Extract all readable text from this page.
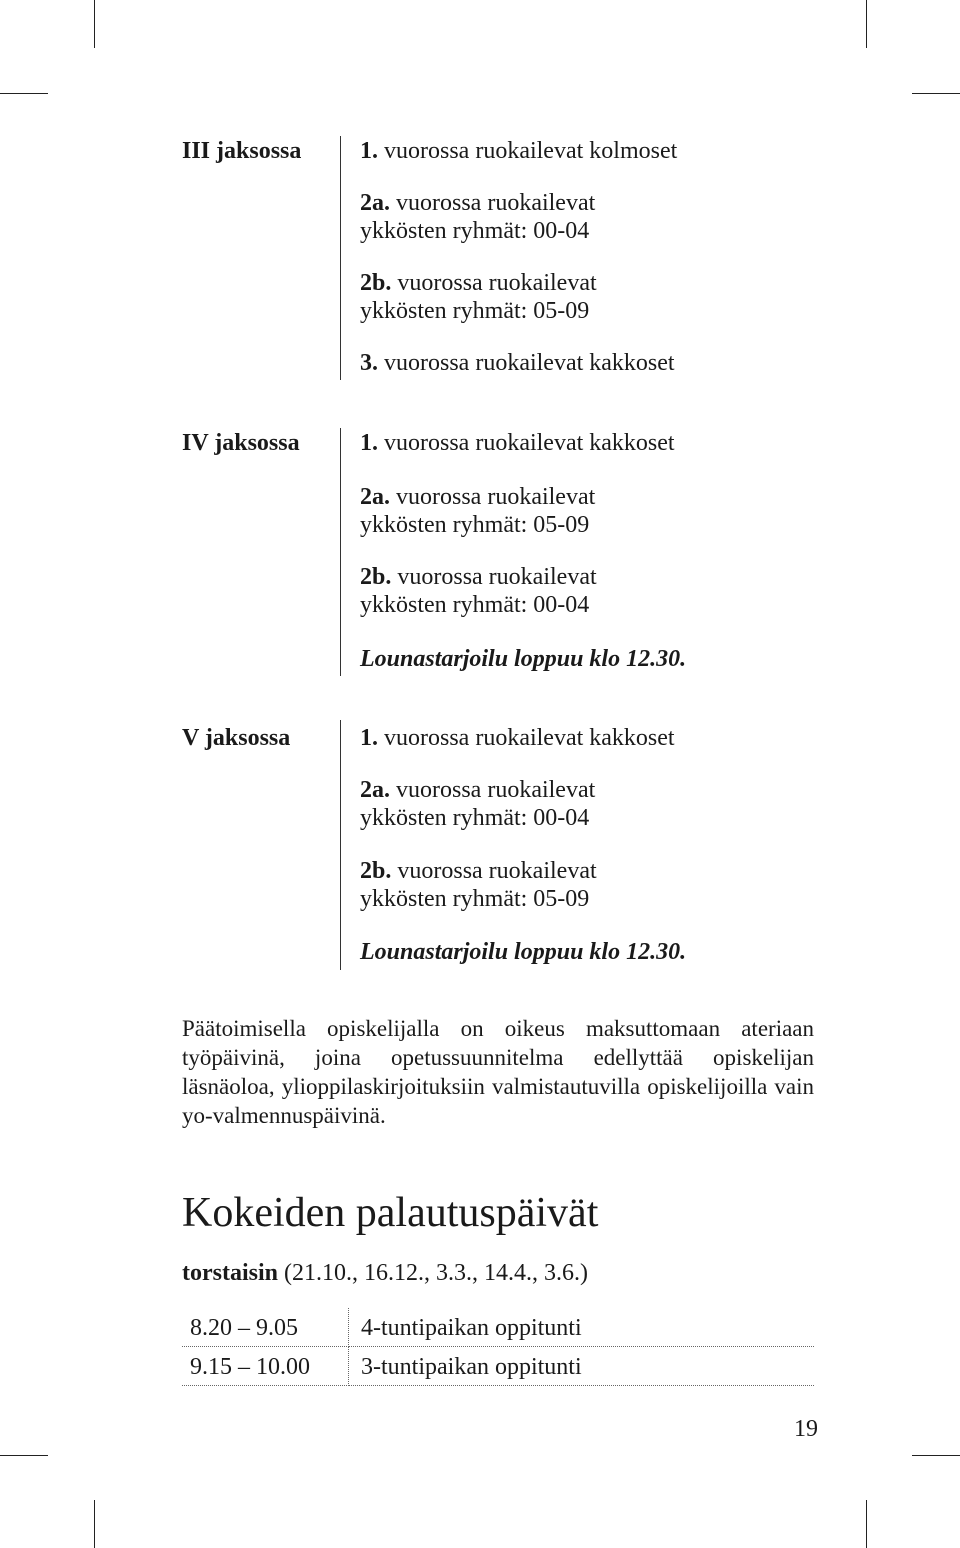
III jaksossa 1. vuorossa ruokailevat kolmoset
2a. vuorossa ruokailevat
ykkösten ryhmät: 00-04
2b. vuorossa ruokailevat
ykkösten ryhmät: 05-09
3. vuorossa ruokailevat kakkoset
IV jaksossa	1. vuorossa ruokailevat kakkoset
2a. vuorossa ruokailevat
ykkösten ryhmät: 05-09
2b. vuorossa ruokailevat
ykkösten ryhmät: 00-04
Lounastarjoilu loppuu klo 12.30.
V jaksossa	1. vuorossa ruokailevat kakkoset
2a. vuorossa ruokailevat
ykkösten ryhmät: 00-04
2b. vuorossa ruokailevat
ykkösten ryhmät: 05-09
Lounastarjoilu loppuu klo 12.30.
Päätoimisella opiskelijalla on oikeus maksuttomaan ateriaan työpäivinä, joina opetussuunnitelma edellyttää opiskelijan läsnäoloa, ylioppilaskirjoituksiin valmistautuvilla opiskelijoilla vain yo-valmennuspäivinä.
Kokeiden palautuspäivät
torstaisin (21.10., 16.12., 3.3., 14.4., 3.6.)
8.20 – 9.05	4-tuntipaikan oppitunti
9.15 – 10.00	3-tuntipaikan oppitunti
19
